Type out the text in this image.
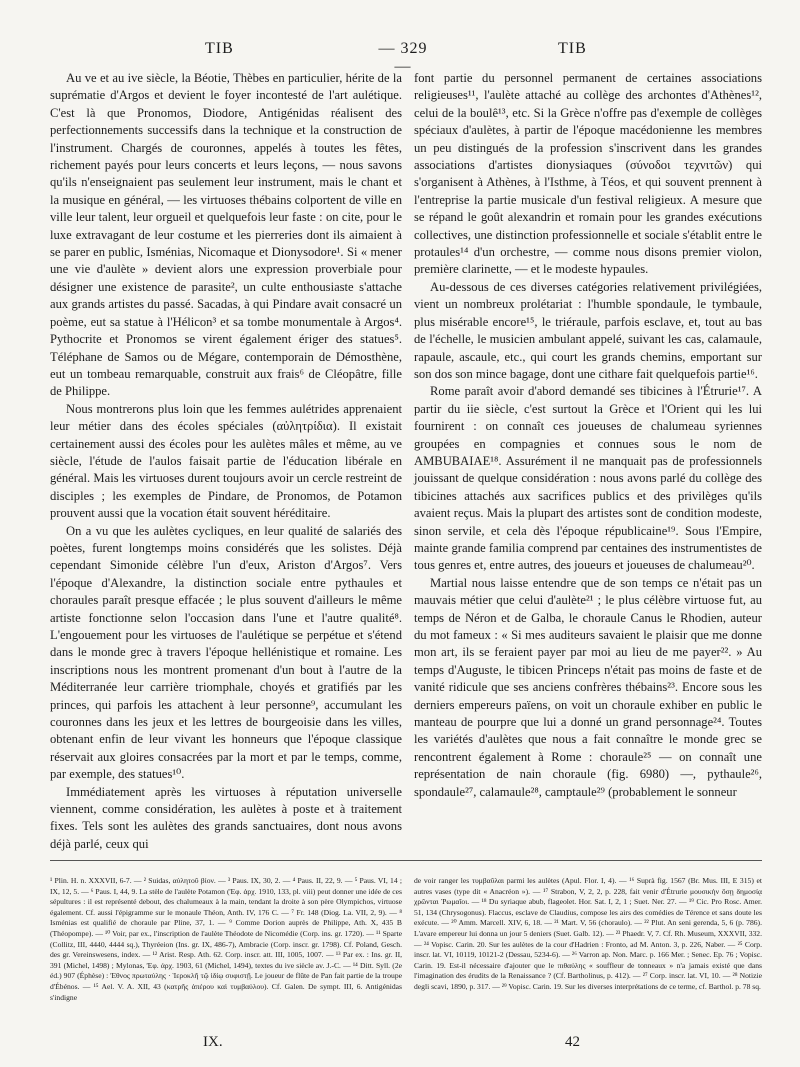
TIB	— 329 —
TIB

Au ve et au ive siècle, la Béotie, Thèbes en particulier, hérite de la suprématie d'Argos et devient le foyer incontesté de l'art aulétique. C'est là que Pronomos, Diodore, Antigénidas réalisent des perfectionnements successifs dans la technique et la construction de l'instrument. Chargés de couronnes, appelés à toutes les fêtes, richement payés pour leurs concerts et leurs leçons, — nous savons qu'ils n'enseignaient pas seulement leur instrument, mais le chant et la musique en général, — les virtuoses thébains colportent de ville en ville leur talent, leur orgueil et quelquefois leur faste : on cite, pour le luxe extravagant de leur costume et les pierreries dont ils aimaient à se parer en public, Isménias, Nicomaque et Dionysodore¹. Si « mener une vie d'aulète » devient alors une expression proverbiale pour désigner une existence de parasite², un culte enthousiaste s'attache aux grands artistes du passé. Sacadas, à qui Pindare avait consacré un poème, eut sa statue à l'Hélicon³ et sa tombe monumentale à Argos⁴. Pythocrite et Pronomos se virent également ériger des statues⁵. Téléphane de Samos ou de Mégare, contemporain de Démosthène, eut un tombeau remarquable, construit aux frais⁶ de Cléopâtre, fille de Philippe.

Nous montrerons plus loin que les femmes aulétrides apprenaient leur métier dans des écoles spéciales (αὐλητρίδια). Il existait certainement aussi des écoles pour les aulètes mâles et même, au ve siècle, l'étude de l'aulos faisait partie de l'éducation libérale en général. Mais les virtuoses durent toujours avoir un cercle restreint de disciples ; les exemples de Pindare, de Pronomos, de Potamon prouvent aussi que la vocation était souvent héréditaire.

On a vu que les aulètes cycliques, en leur qualité de salariés des poètes, furent longtemps moins considérés que les solistes. Déjà cependant Simonide célèbre l'un d'eux, Ariston d'Argos⁷. Vers l'époque d'Alexandre, la distinction sociale entre pythaules et choraules paraît presque effacée ; le plus souvent d'ailleurs le même artiste fonctionne selon l'occasion dans l'une et l'autre qualité⁸. L'engouement pour les virtuoses de l'aulétique se perpétue et s'étend dans le monde grec à travers l'époque hellénistique et romaine. Les inscriptions nous les montrent promenant d'un bout à l'autre de la Méditerranée leur carrière triomphale, choyés et gratifiés par les princes, qui parfois les attachent à leur personne⁹, accumulant les couronnes dans les jeux et les lettres de bourgeoisie dans les villes, obtenant enfin de leur vivant les honneurs que l'époque classique réservait aux gloires consacrées par la mort et par le temps, comme, par exemple, des statues¹⁰.

Immédiatement après les virtuoses à réputation universelle viennent, comme considération, les aulètes à poste et à traitement fixes. Tels sont les aulètes des grands sanctuaires, dont nous avons déjà parlé, ceux qui

font partie du personnel permanent de certaines associations religieuses¹¹, l'aulète attaché au collège des archontes d'Athènes¹², celui de la boulê¹³, etc. Si la Grèce n'offre pas d'exemple de collèges spéciaux d'aulètes, à partir de l'époque macédonienne les membres un peu distingués de la profession s'inscrivent dans les grandes associations d'artistes dionysiaques (σύνοδοι τεχνιτῶν) qui s'organisent à Athènes, à l'Isthme, à Téos, et qui souvent prennent à l'entreprise la partie musicale d'un festival religieux. A mesure que se répand le goût alexandrin et romain pour les grandes exécutions collectives, une distinction professionnelle et sociale s'établit entre le protaules¹⁴ d'un orchestre, — comme nous disons premier violon, première clarinette, — et le modeste hypaules.

Au-dessous de ces diverses catégories relativement privilégiées, vient un nombreux prolétariat : l'humble spondaule, le tymbaule, plus misérable encore¹⁵, le triéraule, parfois esclave, et, tout au bas de l'échelle, le musicien ambulant appelé, suivant les cas, calamaule, rapaule, ascaule, etc., qui court les grands chemins, emportant sur son dos son mince bagage, dont une cithare fait quelquefois partie¹⁶.

Rome paraît avoir d'abord demandé ses tibicines à l'Étrurie¹⁷. A partir du iie siècle, c'est surtout la Grèce et l'Orient qui les lui fournirent : on connaît ces joueuses de chalumeau syriennes groupées en compagnies et connues sous le nom de AMBUBAIAE¹⁸. Assurément il ne manquait pas de professionnels jouissant de quelque considération : nous avons parlé du collège des tibicines attachés aux sacrifices publics et des privilèges qu'ils avaient reçus. Mais la plupart des artistes sont de condition modeste, sinon servile, et cela dès l'époque républicaine¹⁹. Sous l'Empire, mainte grande familia comprend par centaines des instrumentistes de tous genres et, entre autres, des joueurs et joueuses de chalumeau²⁰.

Martial nous laisse entendre que de son temps ce n'était pas un mauvais métier que celui d'aulète²¹ ; le plus célèbre virtuose fut, au temps de Néron et de Galba, le choraule Canus le Rhodien, auteur du mot fameux : « Si mes auditeurs savaient le plaisir que me donne mon art, ils se feraient payer par moi au lieu de me payer²². » Au temps d'Auguste, le tibicen Princeps n'était pas moins de faste et de vanité ridicule que ses anciens confrères thébains²³. Encore sous les derniers empereurs païens, on voit un choraule exhiber en public le manteau de pourpre que lui a donné un grand personnage²⁴. Toutes les variétés d'aulètes que nous a fait connaître le monde grec se rencontrent également à Rome : choraule²⁵ — on connaît une représentation de nain choraule (fig. 6980) —, pythaule²⁶, spondaule²⁷, calamaule²⁸, camptaule²⁹ (probablement le sonneur

¹ Plin. H. n. XXXVII, 6-7. — ² Suidas, αὐλητοῦ βίον. — ³ Paus. IX, 30, 2. — ⁴ Paus. II, 22, 9. — ⁵ Paus. VI, 14 ; IX, 12, 5. — ⁶ Paus. I, 44, 9. La stèle de l'aulète Potamon (Ἐφ. ἀρχ. 1910, 133, pl. viii) peut donner une idée de ces sépultures : il est représenté debout, des chalumeaux à la main, tendant la droite à son père Olympichos, virtuose également. Cf. aussi l'épigramme sur le monaule Théon, Anth. IV, 176 C. — ⁷ Fr. 148 (Diog. La. VII, 2, 9). — ⁸ Isménias est qualifié de choraule par Pline, 37, 1. — ⁹ Comme Dorion auprès de Philippe, Ath. X, 435 B (Théopompe). — ¹⁰ Voir, par ex., l'inscription de l'aulète Théodote de Nicomédie (Corp. ins. gr. 1720). — ¹¹ Sparte (Collitz, III, 4440, 4444 sq.), Thyréeion (Ins. gr. IX, 486-7), Ambracie (Corp. inscr. gr. 1798). Cf. Poland, Gesch. des gr. Vereinswesens, index. — ¹² Arist. Resp. Ath. 62. Corp. inscr. att. III, 1005, 1007. — ¹³ Par ex. : Ins. gr. II, 391 (Michel, 1498) ; Mylonas, Ἐφ. ἀρχ. 1903, 61 (Michel, 1494), textes du ive siècle av. J.-C. — ¹⁴ Ditt. Syll. (2e éd.) 907 (Éphèse) : Ἐθνος πρωταύλης · Ἱεροκλῆ τῷ ἰδίῳ συφιστῇ. Le joueur de flûte de Pan fait partie de la troupe d'Ébénos. — ¹⁵ Ael. V. A. XII, 43 (κατρῆς ἀπέρου καὶ τυμβαύλου). Cf. Galen. De sympt. III, 6. Antigénidas s'indigne

de voir ranger les τυμβαῦλαι parmi les aulètes (Apul. Flor. I, 4). — ¹⁶ Suprà fig. 1567 (Br. Mus. III, E 315) et autres vases (type dit « Anacréon »). — ¹⁷ Strabon, V, 2, 2, p. 228, fait venir d'Étrurie μουσικὴν ὅσῃ δημοσίᾳ χρῶνται Ῥωμαῖοι. — ¹⁸ Du syriaque abub, flageolet. Hor. Sat. I, 2, 1 ; Suet. Ner. 27. — ¹⁹ Cic. Pro Rosc. Amer. 51, 134 (Chrysogonus). Flaccus, esclave de Claudius, compose les airs des comédies de Térence et sans doute les exécute. — ²⁰ Amm. Marcell. XIV, 6, 18. — ²¹ Mart. V, 56 (choraulo). — ²² Plut. An seni gerenda, 5, 6 (p. 786). L'avare empereur lui donna un jour 5 deniers (Suet. Galb. 12). — ²³ Phaedr. V, 7. Cf. Rh. Museum, XXXVII, 332. — ²⁴ Vopisc. Carin. 20. Sur les aulètes de la cour d'Hadrien : Fronto, ad M. Anton. 3, p. 226, Naber. — ²⁵ Corp. inscr. lat. VI, 10119, 10121-2 (Dessau, 5234-6). — ²⁶ Varron ap. Non. Marc. p. 166 Mer. ; Senec. Ep. 76 ; Vopisc. Carin. 19. Est-il nécessaire d'ajouter que le πιθαύλης « souffleur de tonneaux » n'a jamais existé que dans l'imagination des érudits de la Renaissance ? (Cf. Bartholinus, p. 412). — ²⁷ Corp. inscr. lat. VI, 10. — ²⁸ Notizie degli scavi, 1890, p. 317. — ²⁹ Vopisc. Carin. 19. Sur les diverses interprétations de ce terme, cf. Barthol. p. 78 sq.

IX.	42
